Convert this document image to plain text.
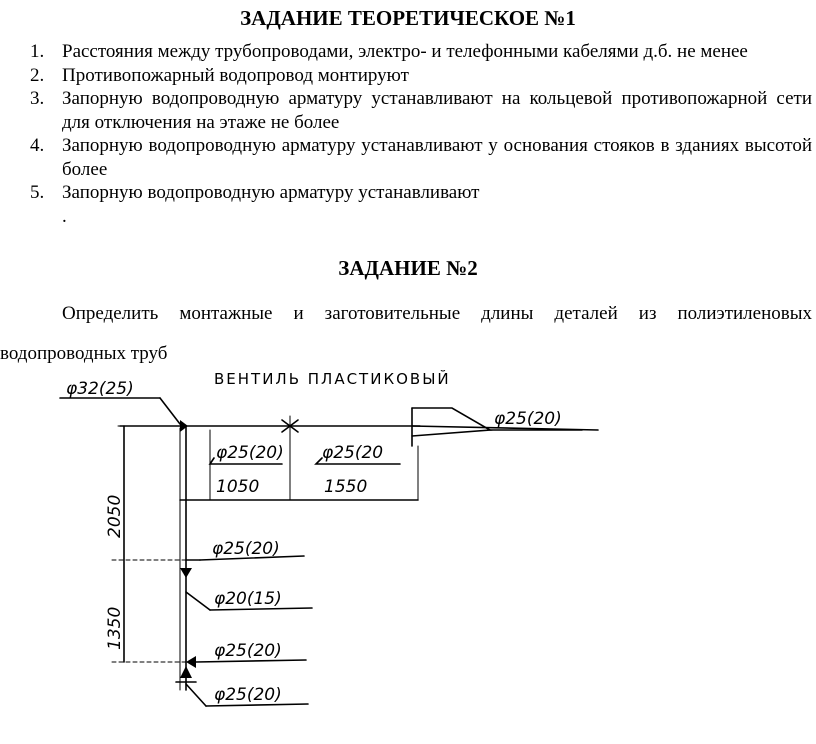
ЗАДАНИЕ ТЕОРЕТИЧЕСКОЕ №1
1. Расстояния между трубопроводами, электро- и телефонными кабелями д.б. не менее
2. Противопожарный водопровод монтируют
3. Запорную водопроводную арматуру устанавливают на кольцевой противопожарной сети для отключения на этаже не более
4. Запорную водопроводную арматуру устанавливают у основания стояков в зданиях высотой более
5. Запорную водопроводную арматуру устанавливают
.
ЗАДАНИЕ №2

Определить монтажные и заготовительные длины деталей из полиэтиленовых водопроводных труб

φ32(25)	ВЕНТИЛЬ ПЛАСТИКОВЫЙ
φ25(20)
φ25(20) φ25(20
1050	1550
2050
1350
φ25(20)
φ20(15)
φ25(20)
φ25(20)
